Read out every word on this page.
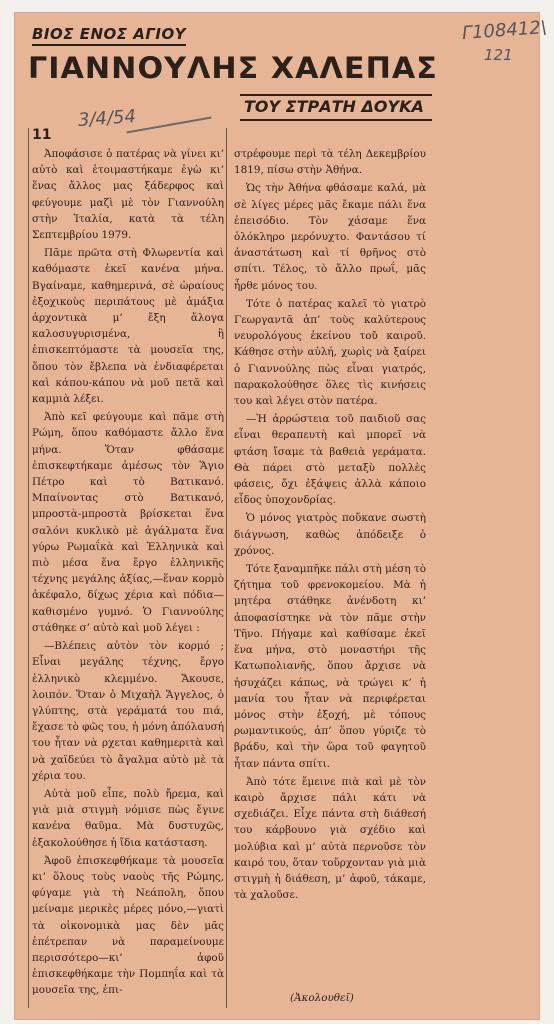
Γ108412\
121
3/4/54
ΒΙΟΣ ΕΝΟΣ ΑΓΙΟΥ
ΓΙΑΝΝΟΥΛΗΣ ΧΑΛΕΠΑΣ
ΤΟΥ ΣΤΡΑΤΗ ΔΟΥΚΑ
11

Ἀποφάσισε ὁ πατέρας νὰ γίνει κι’ αὐτὸ καὶ ἑτοιμαστήκαμε ἐγὼ κι’ ἕνας ἄλλος μας ξάδερφος καὶ φεύγουμε μαζὶ μὲ τὸν Γιαννούλη στὴν Ἰταλία, κατὰ τὰ τέλη Σεπτεμβρίου 1979.

Πᾶμε πρῶτα στὴ Φλωρεντία καὶ καθόμαστε ἐκεῖ κανένα μήνα. Βγαίναμε, καθημερινά, σὲ ὡραίους ἐξοχικοὺς περιπάτους μὲ ἀμάξια ἀρχοντικὰ μ’ ἔξη ἄλογα καλοσυγυρισμένα, ἢ ἐπισκεπτόμαστε τὰ μουσεῖα της, ὅπου τὸν ἔβλεπα νὰ ἐνδιαφέρεται καὶ κάπου-κάπου νὰ μοῦ πετᾶ καὶ καμμιὰ λέξει.

Ἀπὸ κεῖ φεύγουμε καὶ πᾶμε στὴ Ρώμη, ὅπου καθόμαστε ἄλλο ἕνα μήνα. Ὅταν φθάσαμε ἐπισκεφτήκαμε ἀμέσως τὸν Ἅγιο Πέτρο καὶ τὸ Βατικανό. Μπαίνοντας στὸ Βατικανό, μπροστὰ-μπροστὰ βρίσκεται ἕνα σαλόνι κυκλικὸ μὲ ἀγάλματα ἕνα γύρω Ρωμαΐκὰ καὶ Ἑλληνικὰ καὶ πιὸ μέσα ἕνα ἔργο ἑλληνικῆς τέχνης μεγάλης ἀξίας,—ἕναν κορμὸ ἀκέφαλο, δίχως χέρια καὶ πόδια—καθισμένο γυμνό. Ὁ Γιαννούλης στάθηκε σ’ αὐτὸ καὶ μοῦ λέγει :

—Βλέπεις αὐτὸν τὸν κορμό ; Εἶναι μεγάλης τέχνης, ἔργο ἑλληνικὸ κλεμμένο. Ἄκουσε, λοιπόν. Ὅταν ὁ Μιχαὴλ Ἄγγελος, ὁ γλύπτης, στὰ γεράματά του πιά, ἔχασε τὸ φῶς του, ἡ μόνη ἀπόλαυσή του ἦταν νὰ ρχεται καθημεριτὰ καὶ νὰ χαϊδεύει τὸ ἄγαλμα αὐτὸ μὲ τὰ χέρια του.

Αὐτὰ μοῦ εἶπε, πολὺ ἤρεμα, καὶ γιὰ μιὰ στιγμὴ νόμισε πὼς ἔγινε κανένα θαῦμα. Μὰ δυστυχῶς, ἐξακολούθησε ἡ ἴδια κατάσταση.

Ἀφοῦ ἐπισκεφθήκαμε τὰ μουσεῖα κι’ ὅλους τοὺς ναοὺς τῆς Ρώμης, φύγαμε γιὰ τὴ Νεάπολη, ὅπου μείναμε μερικὲς μέρες μόνο,—γιατὶ τὰ οἰκονομικὰ μας δὲν μᾶς ἐπέτρεπαν νὰ παραμείνουμε περισσότερο—κι’ ἀφοῦ ἐπισκεφθήκαμε τὴν Πομπηΐα καὶ τὰ μουσεῖα της, ἐπι-

στρέφουμε περὶ τὰ τέλη Δεκεμβρίου 1819, πίσω στὴν Ἀθήνα.

Ὡς τὴν Ἀθήνα φθάσαμε καλά, μὰ σὲ λίγες μέρες μᾶς ἔκαμε πάλι ἕνα ἐπεισόδιο. Τὸν χάσαμε ἕνα ὁλόκληρο μερόνυχτο. Φαντάσου τί ἀναστάτωση καὶ τί θρῆνος στὸ σπίτι. Τέλος, τὸ ἄλλο πρωΐ, μᾶς ἦρθε μόνος του.

Τότε ὁ πατέρας καλεῖ τὸ γιατρὸ Γεωργαντᾶ ἀπ’ τοὺς καλύτερους νευρολόγους ἐκείνου τοῦ καιροῦ. Κάθησε στὴν αὐλή, χωρὶς νὰ ξαίρει ὁ Γιαννούλης πὼς εἶναι γιατρός, παρακολούθησε ὅλες τὶς κινήσεις του καὶ λέγει στὸν πατέρα.

—Ἡ ἀρρώστεια τοῦ παιδιοῦ σας εἶναι θεραπευτὴ καὶ μπορεῖ νὰ φτάση ἴσαμε τὰ βαθειὰ γεράματα. Θὰ πάρει στὸ μεταξὺ πολλὲς φάσεις, ὄχι ἐξάψεις ἀλλὰ κάποιο εἶδος ὑποχονδρίας.

Ὁ μόνος γιατρὸς ποὔκανε σωστὴ διάγνωση, καθὼς ἀπόδειξε ὁ χρόνος.

Τότε ξαναμπῆκε πάλι στὴ μέση τὸ ζήτημα τοῦ φρενοκομείου. Μὰ ἡ μητέρα στάθηκε ἀνένδοτη κι’ ἀποφασίστηκε νὰ τὸν πᾶμε στὴν Τῆνο. Πήγαμε καὶ καθίσαμε ἐκεῖ ἕνα μήνα, στὸ μοναστήρι τῆς Κατωπολιανῆς, ὅπου ἄρχισε νὰ ἡσυχάζει κάπως, νὰ τρώγει κ’ ἡ μανία του ἦταν νὰ περιφέρεται μόνος στὴν ἐξοχή, μὲ τόπους ρωμαντικούς, ἀπ’ ὅπου γύριζε τὸ βράδυ, καὶ τὴν ὥρα τοῦ φαγητοῦ ἦταν πάντα σπίτι.

Ἀπὸ τότε ἔμεινε πιὰ καὶ μὲ τὸν καιρὸ ἄρχισε πάλι κάτι νὰ σχεδιάζει. Εἶχε πάντα στὴ διάθεσή του κάρβουνο γιὰ σχέδιο καὶ μολύβια καὶ μ’ αὐτὰ περνοῦσε τὸν καιρό του, ὅταν τοὔρχονταν γιὰ μιὰ στιγμὴ ἡ διάθεση, μ’ ἀφοῦ, τάκαμε, τὰ χαλοῦσε.

(Ἀκολουθεῖ)
